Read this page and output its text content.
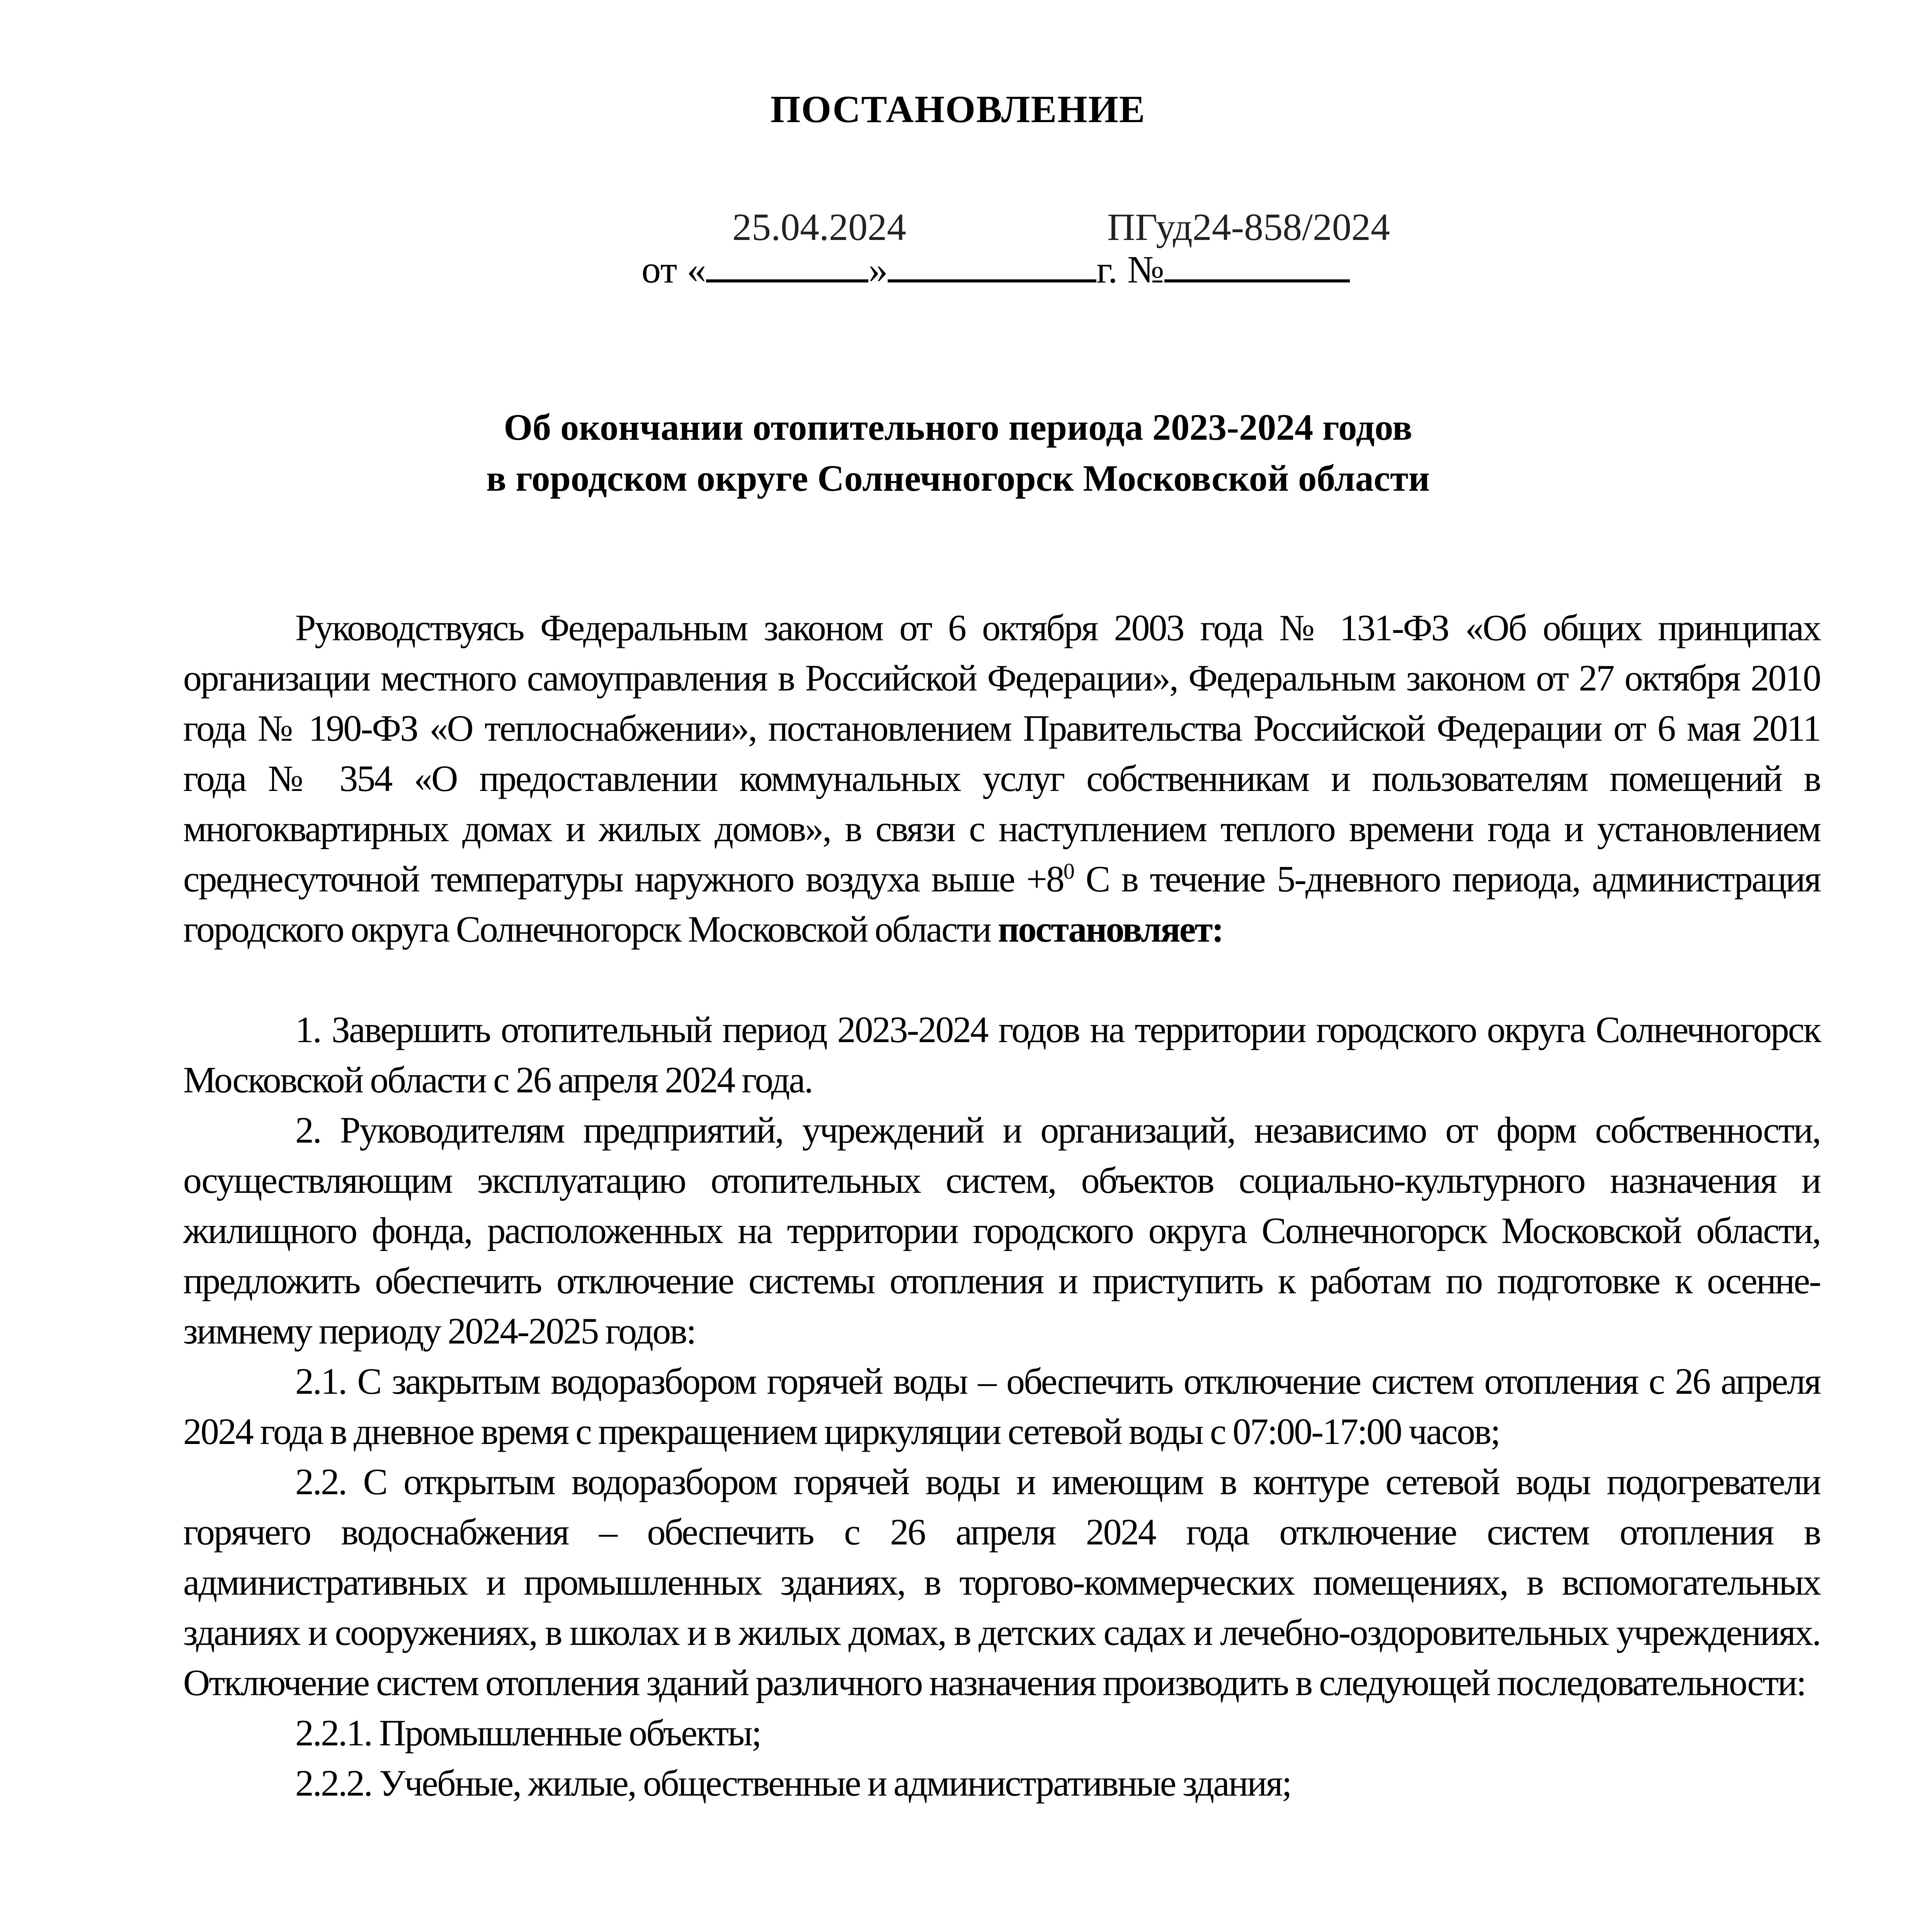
ПОСТАНОВЛЕНИЕ
25.04.2024	ПГуд24-858/2024
от «	»	г. №
Об окончании отопительного периода 2023-2024 годов
в городском округе Солнечногорск Московской области

Руководствуясь Федеральным законом от 6 октября 2003 года № 131-ФЗ «Об общих принципах организации местного самоуправления в Российской Федерации», Федеральным законом от 27 октября 2010 года № 190-ФЗ «О теплоснабжении», постановлением Правительства Российской Федерации от 6 мая 2011 года № 354 «О предоставлении коммунальных услуг собственникам и пользователям помещений в многоквартирных домах и жилых домов», в связи с наступлением теплого времени года и установлением среднесуточной температуры наружного воздуха выше $+8^0$ С в течение 5-дневного периода, администрация городского округа Солнечногорск Московской области постановляет:

1. Завершить отопительный период 2023-2024 годов на территории городского округа Солнечногорск Московской области с 26 апреля 2024 года.

2. Руководителям предприятий, учреждений и организаций, независимо от форм собственности, осуществляющим эксплуатацию отопительных систем, объектов социально-культурного назначения и жилищного фонда, расположенных на территории городского округа Солнечногорск Московской области, предложить обеспечить отключение системы отопления и приступить к работам по подготовке к осенне-зимнему периоду 2024-2025 годов:

2.1. С закрытым водоразбором горячей воды – обеспечить отключение систем отопления с 26 апреля 2024 года в дневное время с прекращением циркуляции сетевой воды с 07:00-17:00 часов;

2.2. С открытым водоразбором горячей воды и имеющим в контуре сетевой воды подогреватели горячего водоснабжения – обеспечить с 26 апреля 2024 года отключение систем отопления в административных и промышленных зданиях, в торгово-коммерческих помещениях, в вспомогательных зданиях и сооружениях, в школах и в жилых домах, в детских садах и лечебно-оздоровительных учреждениях. Отключение систем отопления зданий различного назначения производить в следующей последовательности:

2.2.1. Промышленные объекты;

2.2.2. Учебные, жилые, общественные и административные здания;
